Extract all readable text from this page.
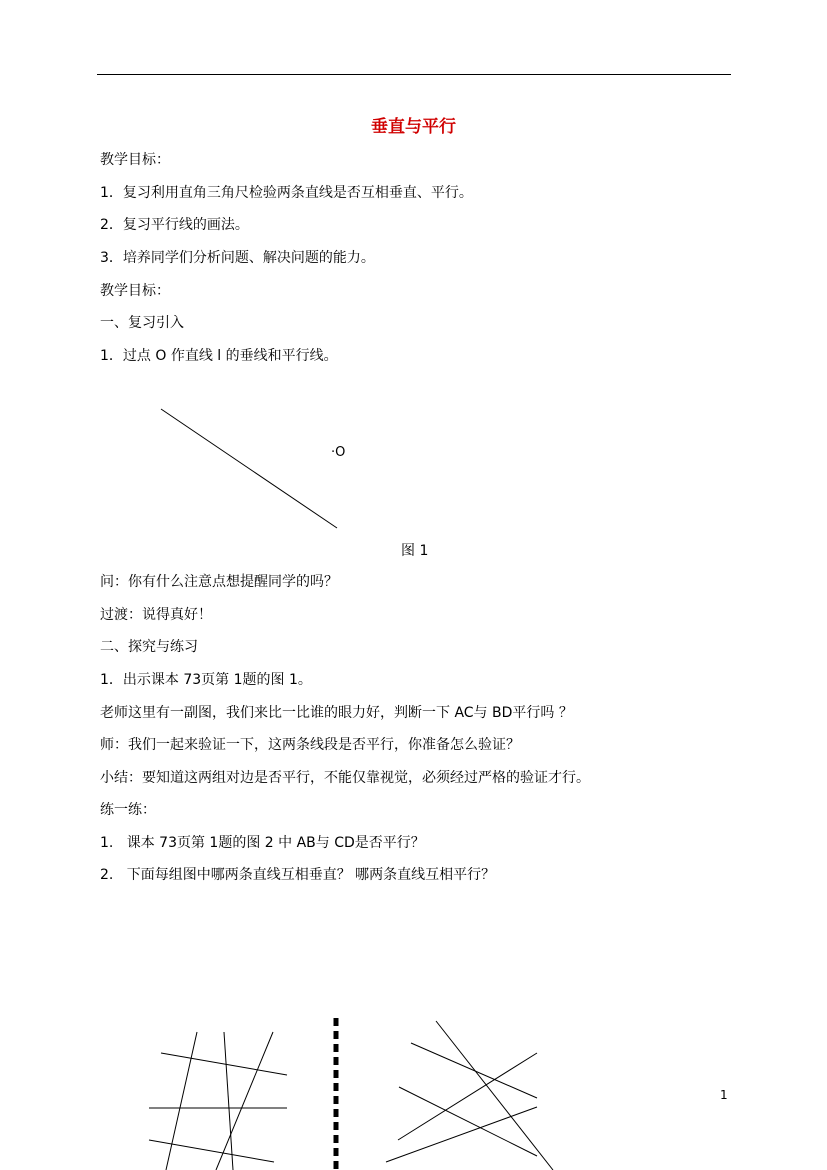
垂直与平行
教学目标：
1．复习利用直角三角尺检验两条直线是否互相垂直、平行。
2．复习平行线的画法。
3．培养同学们分析问题、解决问题的能力。
教学目标：
一、复习引入
1．过点 O 作直线 l 的垂线和平行线。
·O
图 1
问：你有什么注意点想提醒同学的吗？
过渡：说得真好！
二、探究与练习
1．出示课本 73页第 1题的图 1。
老师这里有一副图，我们来比一比谁的眼力好，判断一下 AC与 BD平行吗 ？
师：我们一起来验证一下，这两条线段是否平行，你准备怎么验证？
小结：要知道这两组对边是否平行，不能仅靠视觉，必须经过严格的验证才行。
练一练：
1.   课本 73页第 1题的图 2 中 AB与 CD是否平行？
2.   下面每组图中哪两条直线互相垂直？ 哪两条直线互相平行？
1
